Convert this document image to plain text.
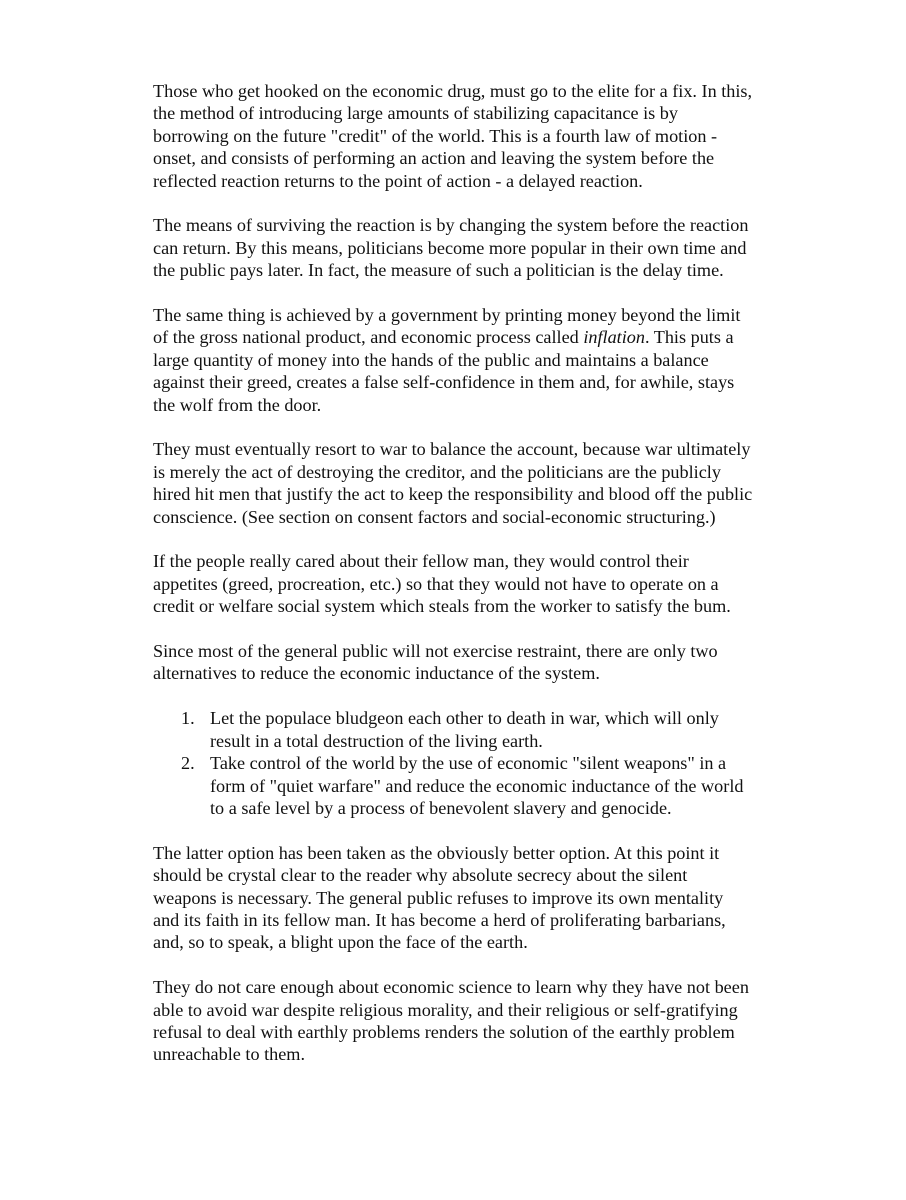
Those who get hooked on the economic drug, must go to the elite for a fix. In this,
the method of introducing large amounts of stabilizing capacitance is by
borrowing on the future "credit" of the world. This is a fourth law of motion -
onset, and consists of performing an action and leaving the system before the
reflected reaction returns to the point of action - a delayed reaction.

The means of surviving the reaction is by changing the system before the reaction
can return. By this means, politicians become more popular in their own time and
the public pays later. In fact, the measure of such a politician is the delay time.

The same thing is achieved by a government by printing money beyond the limit
of the gross national product, and economic process called inflation. This puts a
large quantity of money into the hands of the public and maintains a balance
against their greed, creates a false self-confidence in them and, for awhile, stays
the wolf from the door.

They must eventually resort to war to balance the account, because war ultimately
is merely the act of destroying the creditor, and the politicians are the publicly
hired hit men that justify the act to keep the responsibility and blood off the public
conscience. (See section on consent factors and social-economic structuring.)

If the people really cared about their fellow man, they would control their
appetites (greed, procreation, etc.) so that they would not have to operate on a
credit or welfare social system which steals from the worker to satisfy the bum.

Since most of the general public will not exercise restraint, there are only two
alternatives to reduce the economic inductance of the system.

1. Let the populace bludgeon each other to death in war, which will only
result in a total destruction of the living earth.
2. Take control of the world by the use of economic "silent weapons" in a
form of "quiet warfare" and reduce the economic inductance of the world
to a safe level by a process of benevolent slavery and genocide.

The latter option has been taken as the obviously better option. At this point it
should be crystal clear to the reader why absolute secrecy about the silent
weapons is necessary. The general public refuses to improve its own mentality
and its faith in its fellow man. It has become a herd of proliferating barbarians,
and, so to speak, a blight upon the face of the earth.

They do not care enough about economic science to learn why they have not been
able to avoid war despite religious morality, and their religious or self-gratifying
refusal to deal with earthly problems renders the solution of the earthly problem
unreachable to them.
